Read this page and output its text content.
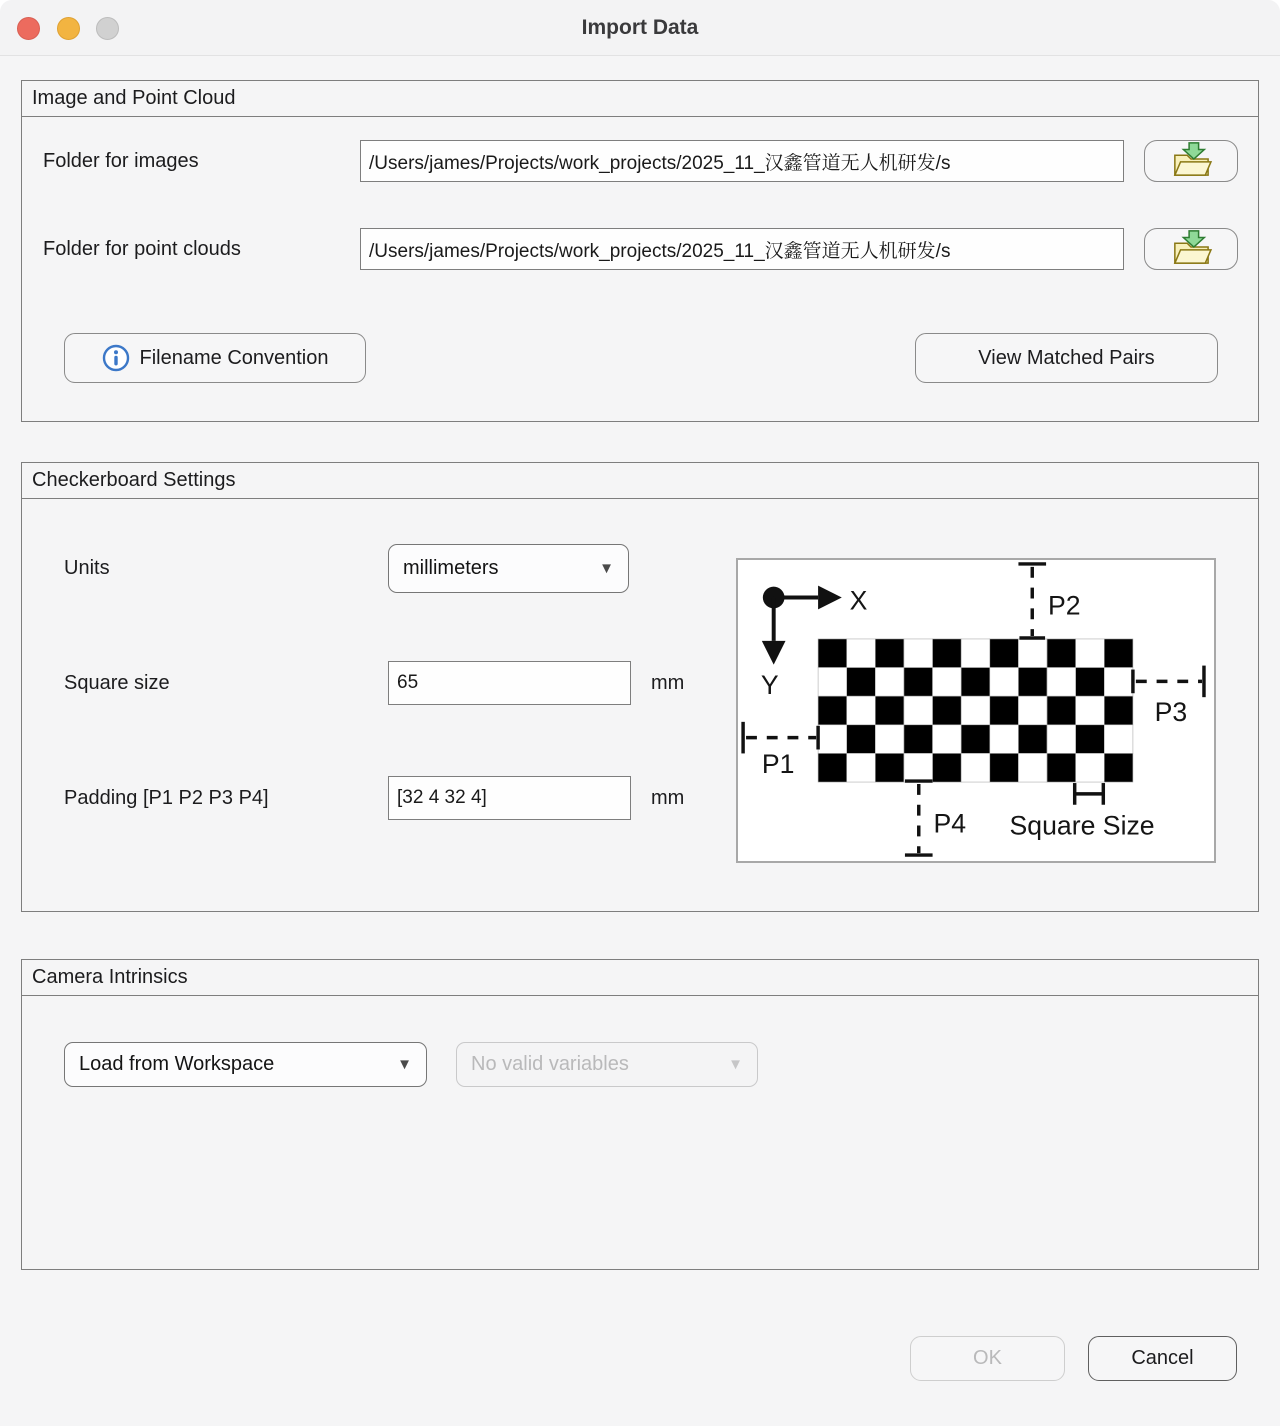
Import Data
Image and Point Cloud
Folder for images
/Users/james/Projects/work_projects/2025_11_汉鑫管道无人机研发/s
Folder for point clouds
/Users/james/Projects/work_projects/2025_11_汉鑫管道无人机研发/s
Filename Convention	View Matched Pairs
Checkerboard Settings
Units	millimeters	▼
Square size
65	mm
Padding [P1 P2 P3 P4]
[32 4 32 4]	mm
X
Y
P2
P3
P1
P4 Square Size
Camera Intrinsics
Load from Workspace	▼	No valid variables	▼
OK	Cancel
